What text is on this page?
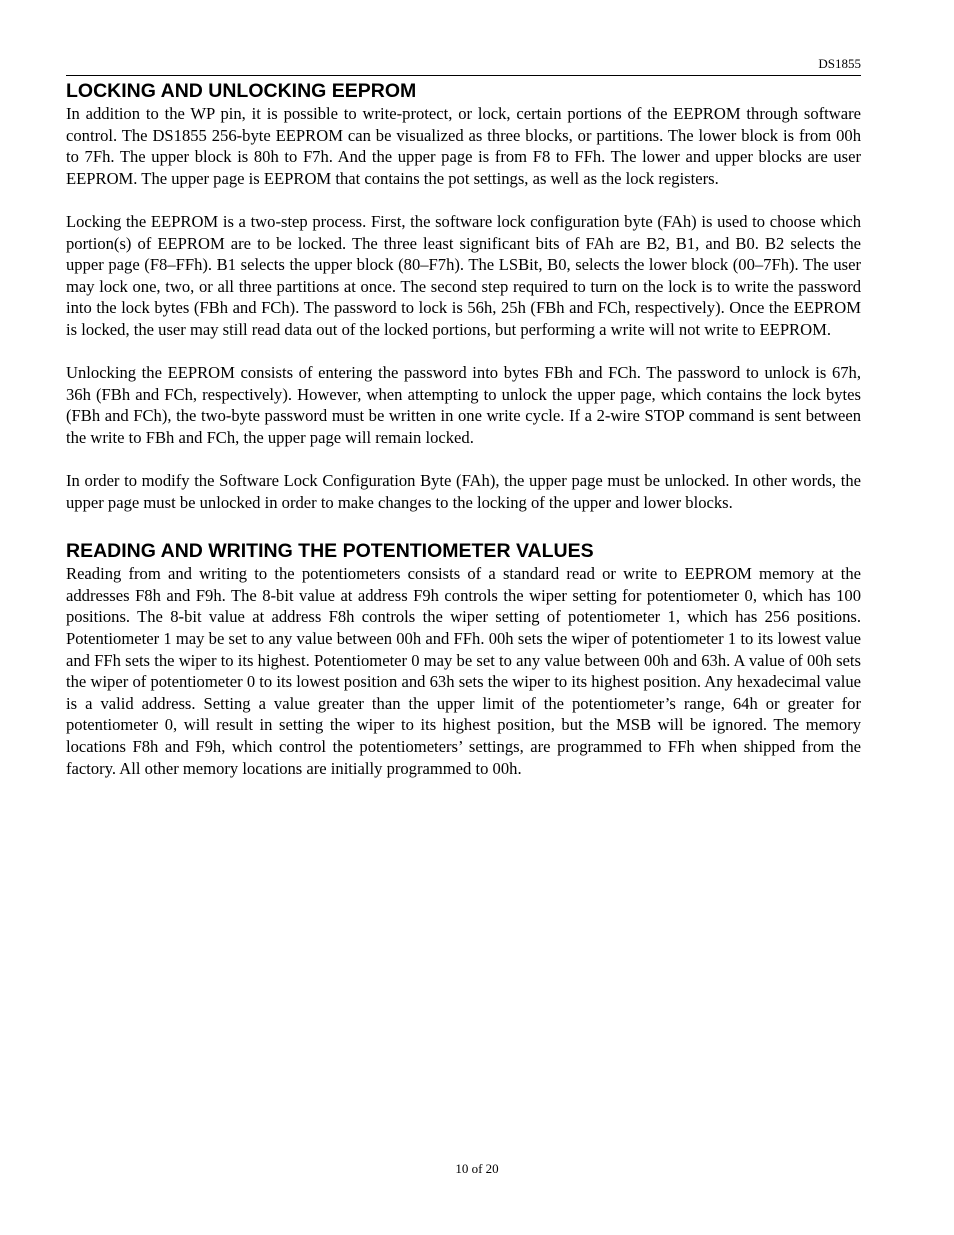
DS1855
LOCKING AND UNLOCKING EEPROM

In addition to the WP pin, it is possible to write-protect, or lock, certain portions of the EEPROM through software control. The DS1855 256-byte EEPROM can be visualized as three blocks, or partitions. The lower block is from 00h to 7Fh. The upper block is 80h to F7h. And the upper page is from F8 to FFh. The lower and upper blocks are user EEPROM. The upper page is EEPROM that contains the pot settings, as well as the lock registers.

Locking the EEPROM is a two-step process. First, the software lock configuration byte (FAh) is used to choose which portion(s) of EEPROM are to be locked. The three least significant bits of FAh are B2, B1, and B0. B2 selects the upper page (F8–FFh). B1 selects the upper block (80–F7h). The LSBit, B0, selects the lower block (00–7Fh). The user may lock one, two, or all three partitions at once. The second step required to turn on the lock is to write the password into the lock bytes (FBh and FCh). The password to lock is 56h, 25h (FBh and FCh, respectively). Once the EEPROM is locked, the user may still read data out of the locked portions, but performing a write will not write to EEPROM.

Unlocking the EEPROM consists of entering the password into bytes FBh and FCh. The password to unlock is 67h, 36h (FBh and FCh, respectively). However, when attempting to unlock the upper page, which contains the lock bytes (FBh and FCh), the two-byte password must be written in one write cycle. If a 2-wire STOP command is sent between the write to FBh and FCh, the upper page will remain locked.

In order to modify the Software Lock Configuration Byte (FAh), the upper page must be unlocked. In other words, the upper page must be unlocked in order to make changes to the locking of the upper and lower blocks.

READING AND WRITING THE POTENTIOMETER VALUES

Reading from and writing to the potentiometers consists of a standard read or write to EEPROM memory at the addresses F8h and F9h. The 8-bit value at address F9h controls the wiper setting for potentiometer 0, which has 100 positions. The 8-bit value at address F8h controls the wiper setting of potentiometer 1, which has 256 positions. Potentiometer 1 may be set to any value between 00h and FFh. 00h sets the wiper of potentiometer 1 to its lowest value and FFh sets the wiper to its highest. Potentiometer 0 may be set to any value between 00h and 63h. A value of 00h sets the wiper of potentiometer 0 to its lowest position and 63h sets the wiper to its highest position. Any hexadecimal value is a valid address. Setting a value greater than the upper limit of the potentiometer’s range, 64h or greater for potentiometer 0, will result in setting the wiper to its highest position, but the MSB will be ignored. The memory locations F8h and F9h, which control the potentiometers’ settings, are programmed to FFh when shipped from the factory. All other memory locations are initially programmed to 00h.

10 of 20
